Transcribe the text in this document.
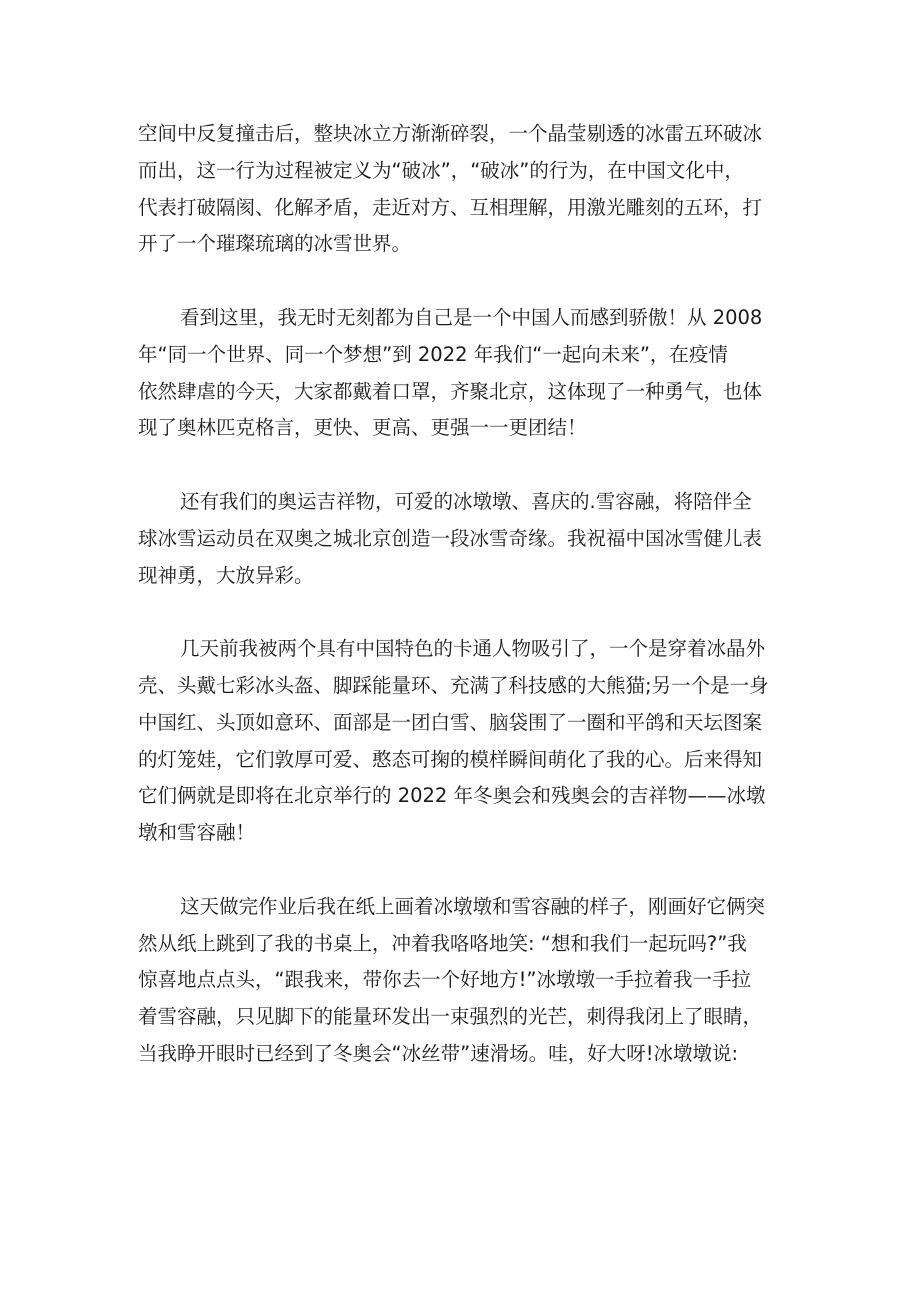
空间中反复撞击后，整块冰立方渐渐碎裂，一个晶莹剔透的冰雷五环破冰
而出，这一行为过程被定义为“破冰”，“破冰”的行为，在中国文化中，
代表打破隔阂、化解矛盾，走近对方、互相理解，用激光雕刻的五环，打
开了一个璀璨琉璃的冰雪世界。

看到这里，我无时无刻都为自己是一个中国人而感到骄傲！从 2008
年“同一个世界、同一个梦想”到 2022 年我们“一起向未来”，在疫情
依然肆虐的今天，大家都戴着口罩，齐聚北京，这体现了一种勇气，也体
现了奥林匹克格言，更快、更高、更强一一更团结！

还有我们的奥运吉祥物，可爱的冰墩墩、喜庆的.雪容融，将陪伴全
球冰雪运动员在双奥之城北京创造一段冰雪奇缘。我祝福中国冰雪健儿表
现神勇，大放异彩。

几天前我被两个具有中国特色的卡通人物吸引了，一个是穿着冰晶外
壳、头戴七彩冰头盔、脚踩能量环、充满了科技感的大熊猫;另一个是一身
中国红、头顶如意环、面部是一团白雪、脑袋围了一圈和平鸽和天坛图案
的灯笼娃，它们敦厚可爱、憨态可掬的模样瞬间萌化了我的心。后来得知
它们俩就是即将在北京举行的 2022 年冬奥会和残奥会的吉祥物——冰墩
墩和雪容融！

这天做完作业后我在纸上画着冰墩墩和雪容融的样子，刚画好它俩突
然从纸上跳到了我的书桌上，冲着我咯咯地笑: “想和我们一起玩吗?”我
惊喜地点点头，“跟我来，带你去一个好地方!”冰墩墩一手拉着我一手拉
着雪容融，只见脚下的能量环发出一束强烈的光芒，刺得我闭上了眼睛，
当我睁开眼时已经到了冬奥会“冰丝带”速滑场。哇，好大呀!冰墩墩说:
